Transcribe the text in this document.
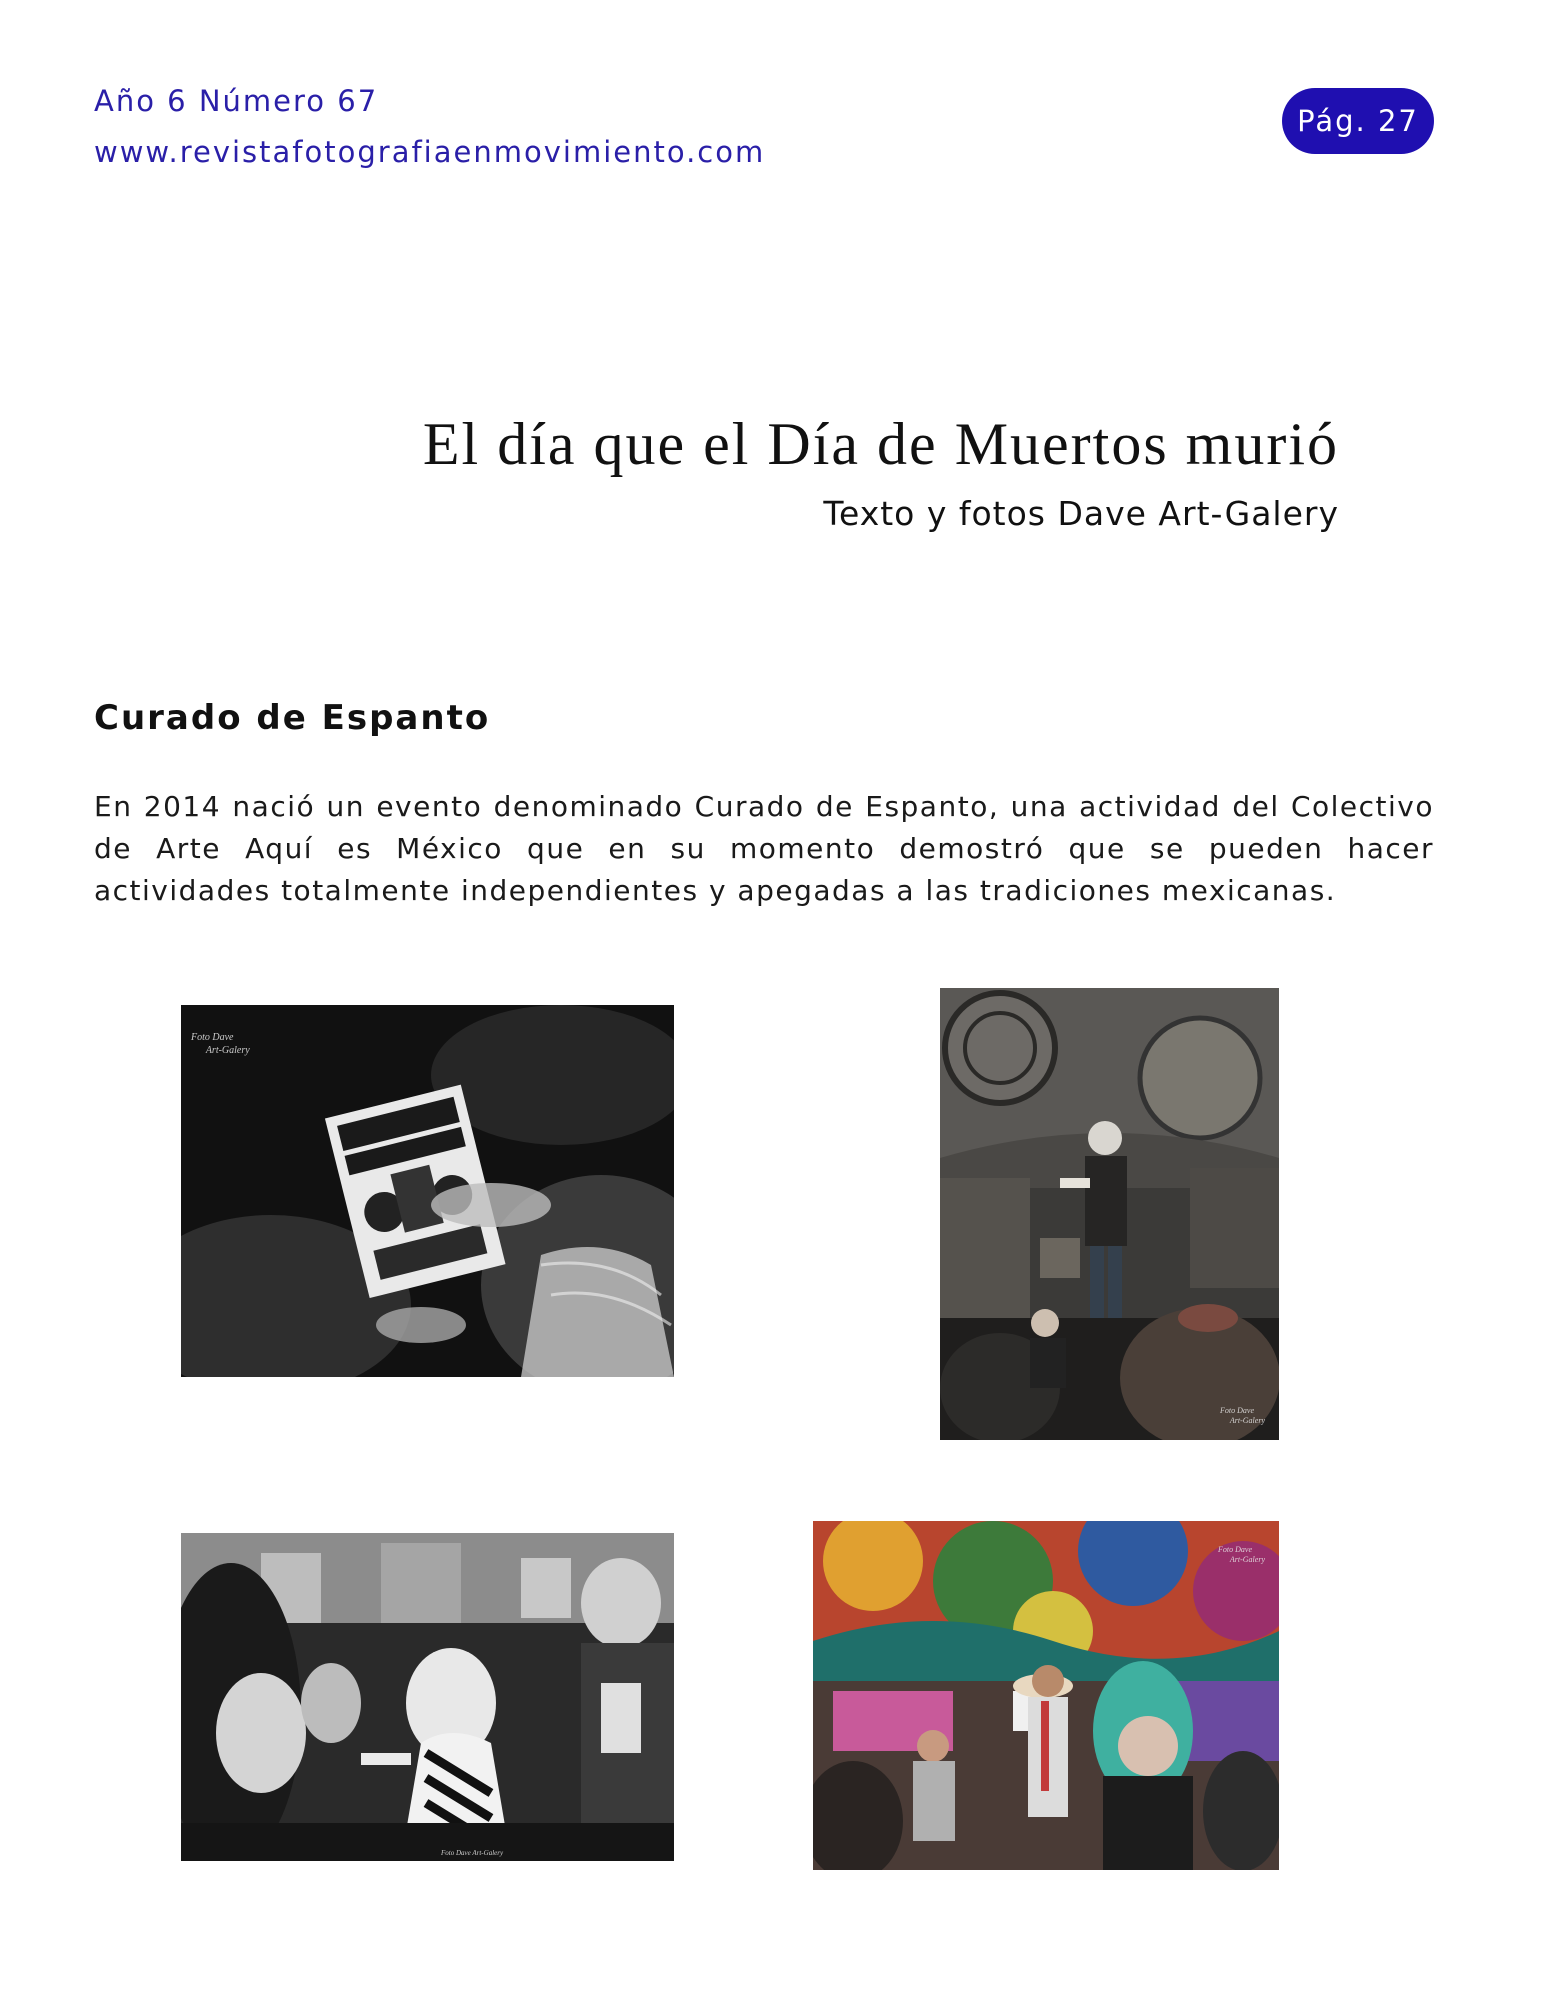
Año 6 Número 67
www.revistafotografiaenmovimiento.com
Pág. 27
El día que el Día de Muertos murió
Texto y fotos Dave Art-Galery
Curado de Espanto

En 2014 nació un evento denominado Curado de Espanto, una actividad del Colectivo de Arte Aquí es México que en su momento demostró que se pueden hacer actividades totalmente independientes y apegadas a las tradiciones mexicanas.

Foto Dave
Art-Galery
Foto Dave
Art-Galery
Foto Dave Art-Galery
Foto Dave
Art-Galery
